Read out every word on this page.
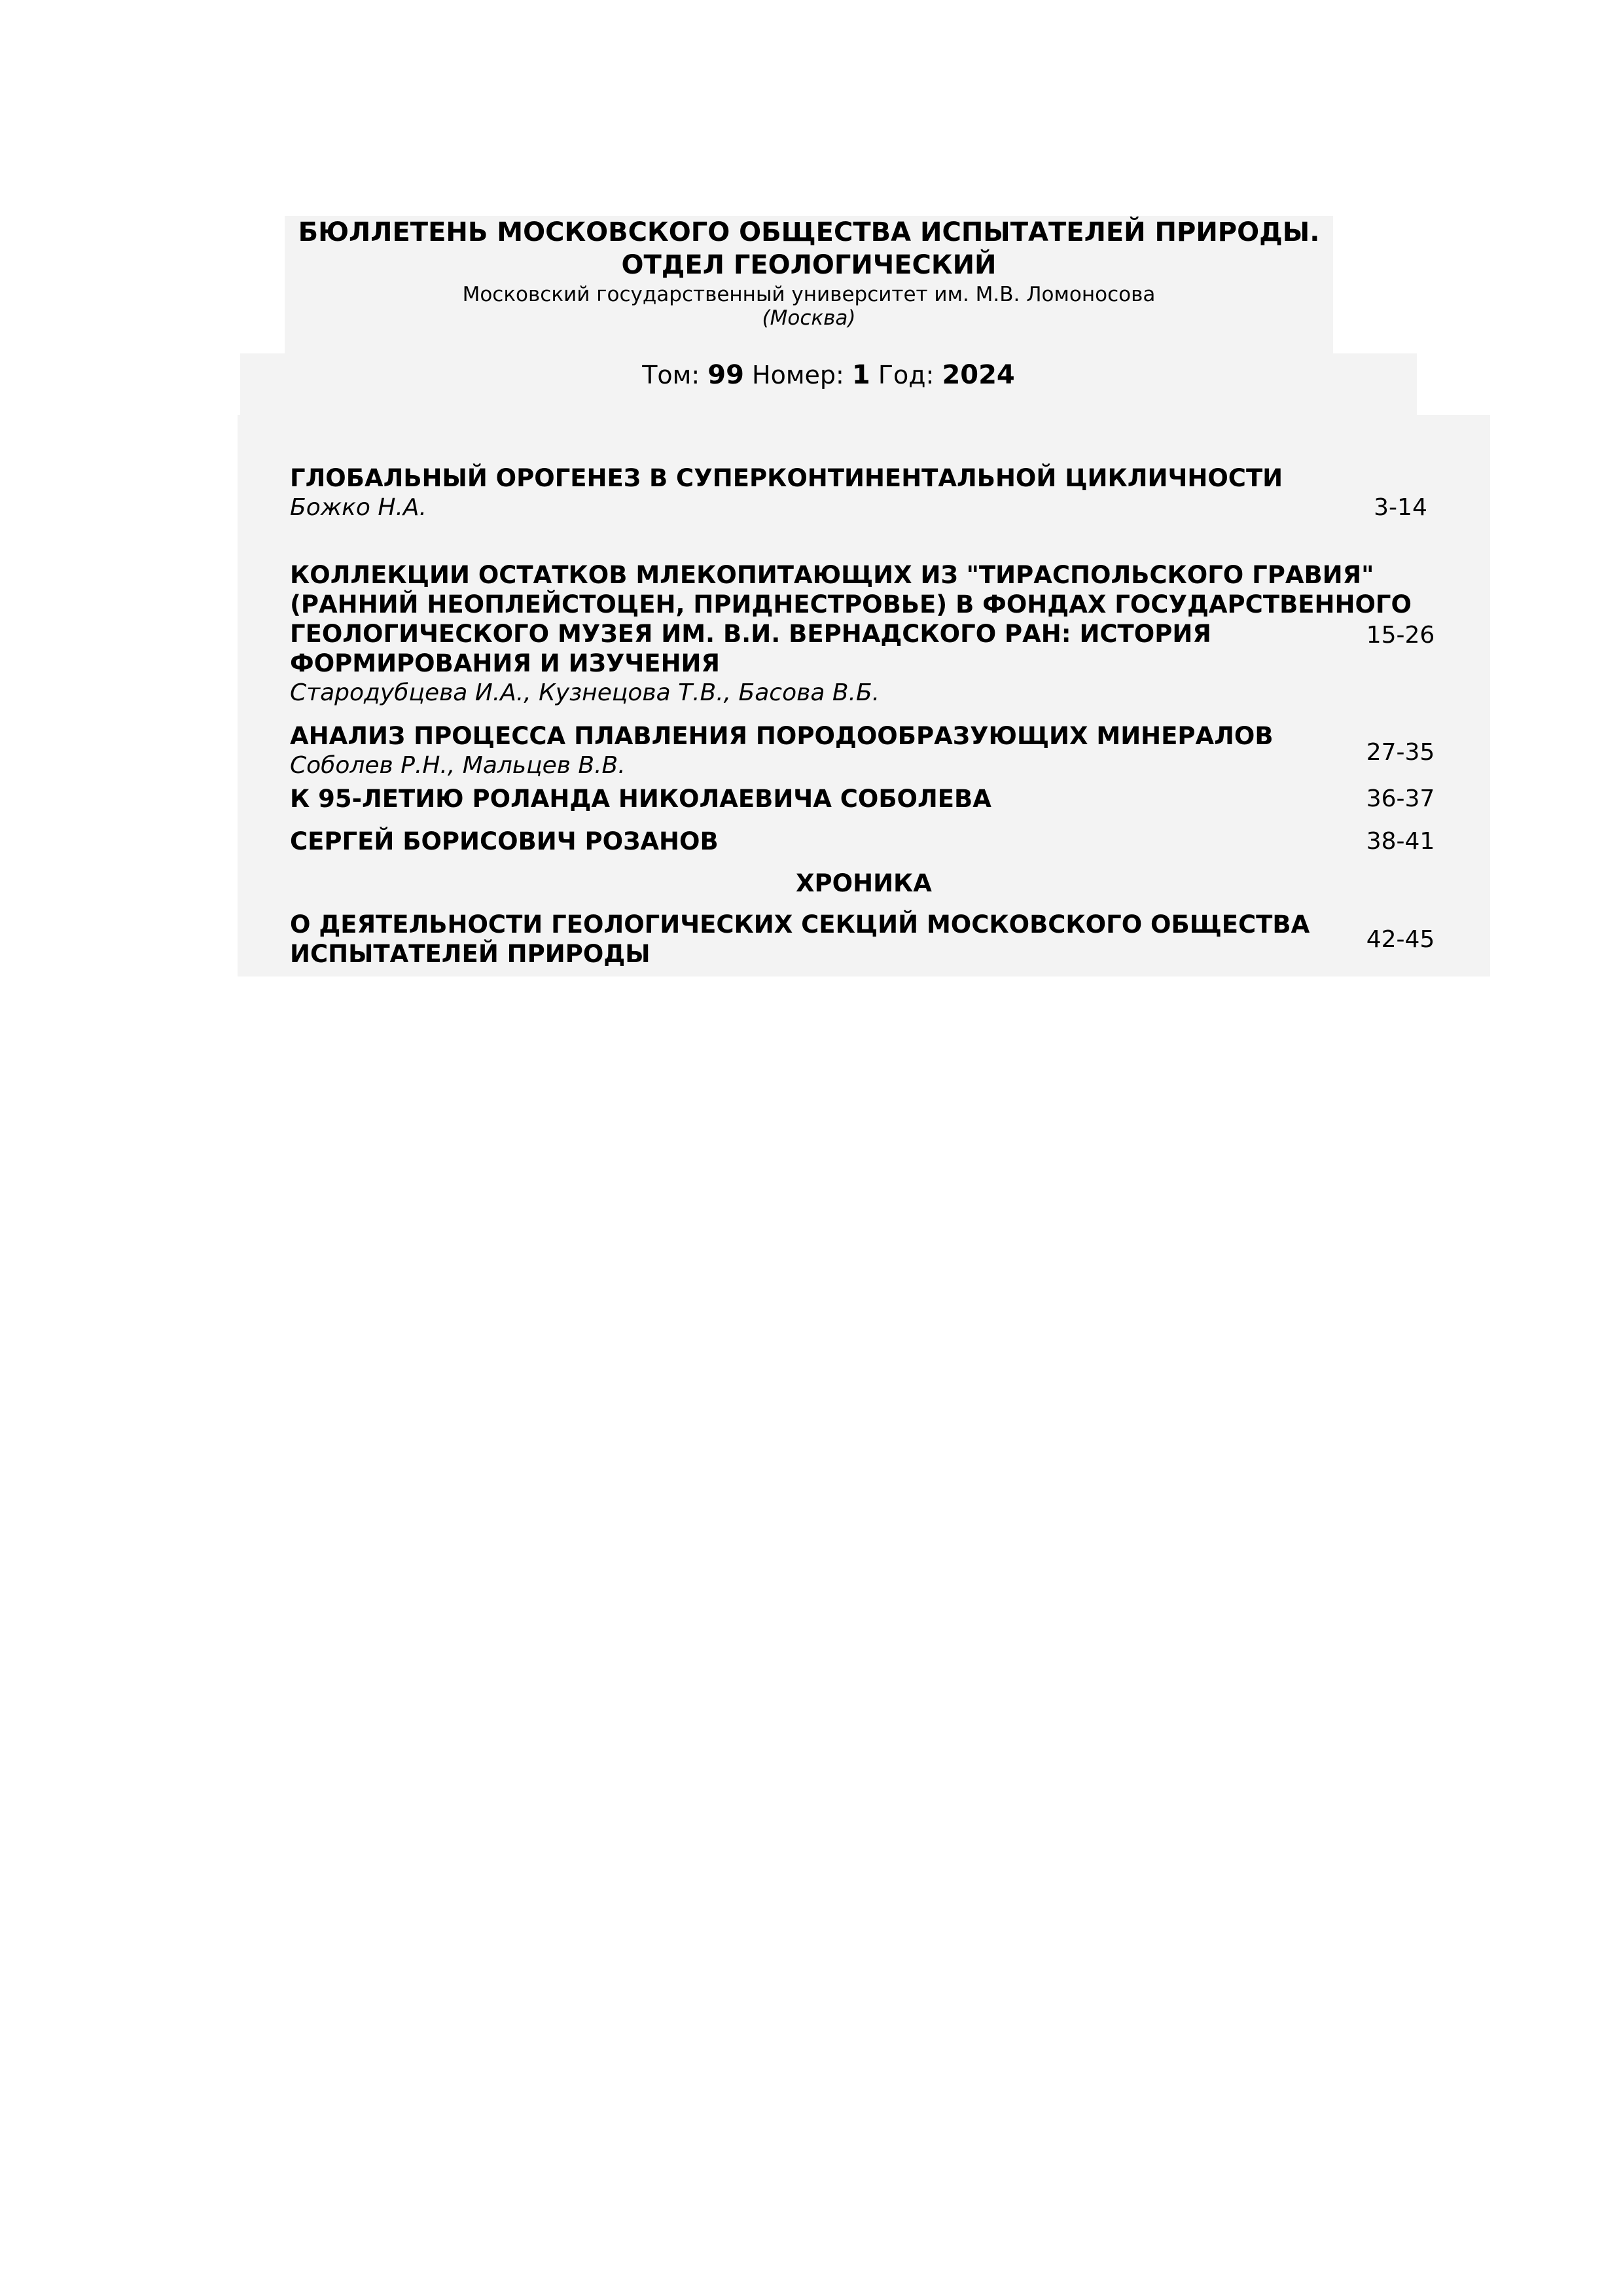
БЮЛЛЕТЕНЬ МОСКОВСКОГО ОБЩЕСТВА ИСПЫТАТЕЛЕЙ ПРИРОДЫ.
ОТДЕЛ ГЕОЛОГИЧЕСКИЙ
Московский государственный университет им. М.В. Ломоносова
(Москва)
Том: 99 Номер: 1 Год: 2024
ГЛОБАЛЬНЫЙ ОРОГЕНЕЗ В СУПЕРКОНТИНЕНТАЛЬНОЙ ЦИКЛИЧНОСТИ
Божко Н.А.	3-14
КОЛЛЕКЦИИ ОСТАТКОВ МЛЕКОПИТАЮЩИХ ИЗ "ТИРАСПОЛЬСКОГО ГРАВИЯ"
(РАННИЙ НЕОПЛЕЙСТОЦЕН, ПРИДНЕСТРОВЬЕ) В ФОНДАХ ГОСУДАРСТВЕННОГО
ГЕОЛОГИЧЕСКОГО МУЗЕЯ ИМ. В.И. ВЕРНАДСКОГО РАН: ИСТОРИЯ
ФОРМИРОВАНИЯ И ИЗУЧЕНИЯ
Стародубцева И.А., Кузнецова Т.В., Басова В.Б.
15-26
АНАЛИЗ ПРОЦЕССА ПЛАВЛЕНИЯ ПОРОДООБРАЗУЮЩИХ МИНЕРАЛОВ
Соболев Р.Н., Мальцев В.В.	27-35
К 95-ЛЕТИЮ РОЛАНДА НИКОЛАЕВИЧА СОБОЛЕВА	36-37
СЕРГЕЙ БОРИСОВИЧ РОЗАНОВ	38-41
ХРОНИКА
О ДЕЯТЕЛЬНОСТИ ГЕОЛОГИЧЕСКИХ СЕКЦИЙ МОСКОВСКОГО ОБЩЕСТВА
ИСПЫТАТЕЛЕЙ ПРИРОДЫ
42-45
